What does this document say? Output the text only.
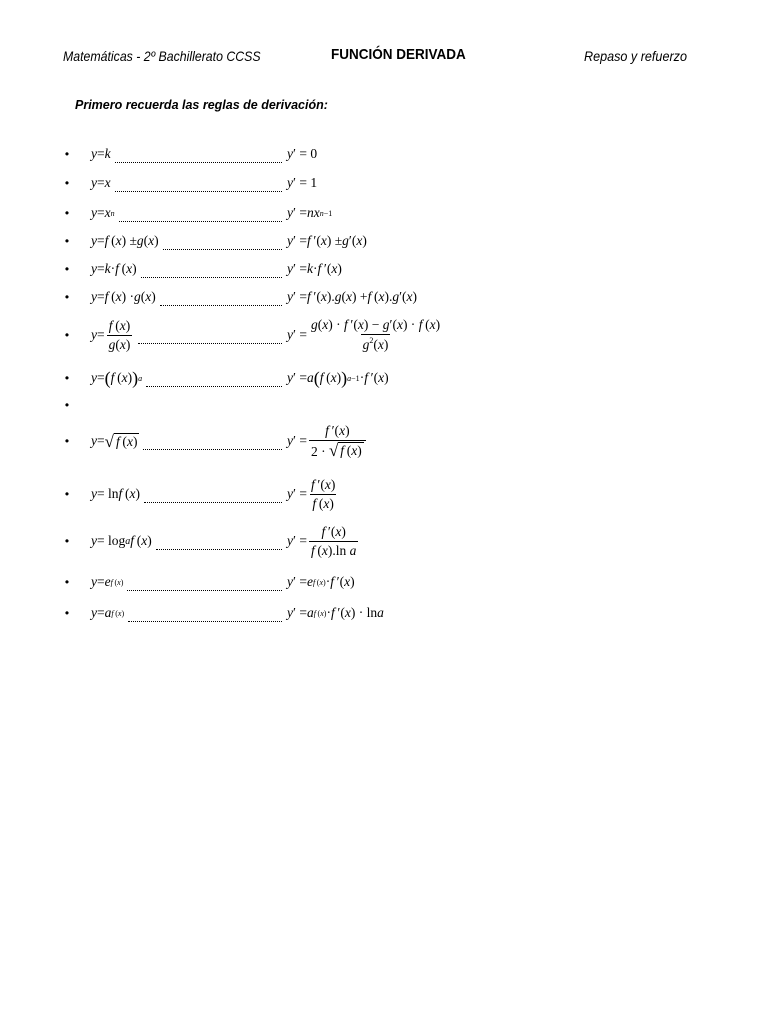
Matemáticas - 2º Bachillerato CCSS	FUNCIÓN DERIVADA	Repaso y refuerzo
Primero recuerda las reglas de derivación:
• y = k	y ′ = 0
• y = x	y ′ = 1
• y = x n	y ′ = nx n−1
• y = f  ( x ) ± g ( x )	y ′ = f  ′( x ) ± g ′( x )
• y = k · f  ( x )	y ′ = k · f  ′( x )
• y = f  ( x ) · g ( x )	y ′ = f  ′( x ). g ( x ) + f  ( x ). g ′( x )
• $y = \frac{f (x)}{g(x)}$	y ′ = $\frac{g(x) \cdot f '(x) - g'(x) \cdot f (x)}{g^2(x)}$
• y = ( f  ( x ) ) a	y ′ = a ( f  ( x ) ) a−1 · f  ′( x )
•
• y = √ f (x)	y ′ = $\frac{f '(x)}{2 \cdot √ f (x)}$
• y = ln f  ( x )	y ′ = $\frac{f '(x)}{f (x)}$
• y = log a f  ( x )	y ′ = $\frac{f '(x)}{\text{f (x).ln a}}$
• y = e f (x)	y ′ = e f (x) · f  ′( x )
• y = a f (x)	y ′ = a f (x) · f  ′( x ) · ln a
